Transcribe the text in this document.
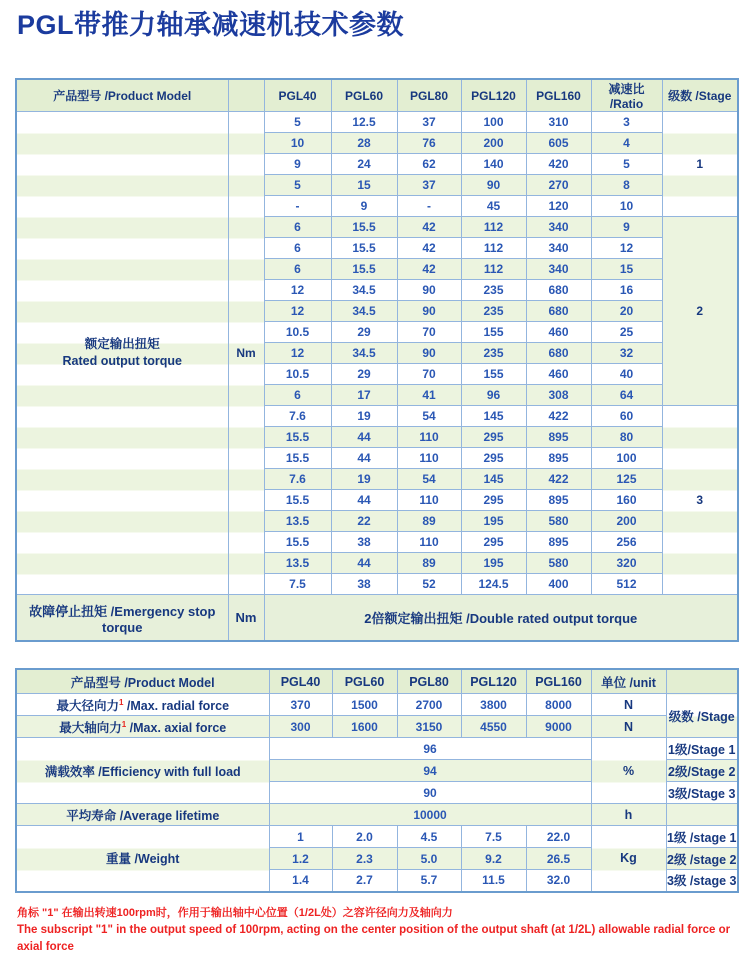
PGL带推力轴承减速机技术参数
产品型号 /Product Model		PGL40	PGL60	PGL80	PGL120	PGL160	减速比 /Ratio	级数 /Stage

额定输出扭矩
Rated output torque	Nm	5	12.5	37	100	310	3	1
		10	28	76	200	605	4	
		9	24	62	140	420	5	
		5	15	37	90	270	8	
		-	9	-	45	120	10	
		6	15.5	42	112	340	9	2
		6	15.5	42	112	340	12	
		6	15.5	42	112	340	15	
		12	34.5	90	235	680	16	
		12	34.5	90	235	680	20	
		10.5	29	70	155	460	25	
		12	34.5	90	235	680	32	
		10.5	29	70	155	460	40	
		6	17	41	96	308	64	
		7.6	19	54	145	422	60	3
		15.5	44	110	295	895	80	
		15.5	44	110	295	895	100	
		7.6	19	54	145	422	125	
		15.5	44	110	295	895	160	
		13.5	22	89	195	580	200	
		15.5	38	110	295	895	256	
		13.5	44	89	195	580	320	
		7.5	38	52	124.5	400	512	
故障停止扭矩 /Emergency stop torque	Nm	2倍额定输出扭矩 /Double rated output torque						
产品型号 /Product Model	PGL40	PGL60	PGL80	PGL120	PGL160	单位 /unit	
最大径向力$^1$ /Max. radial force	370	1500	2700	3800	8000	N	级数 /Stage
最大轴向力$^1$ /Max. axial force	300	1600	3150	4550	9000	N	
满载效率 /Efficiency with full load	96					%	1级/Stage 1
	94						2级/Stage 2
	90						3级/Stage 3
平均寿命 /Average lifetime	10000					h	
重量 /Weight	1	2.0	4.5	7.5	22.0	Kg	1级 /stage 1
	1.2	2.3	5.0	9.2	26.5		2级 /stage 2
	1.4	2.7	5.7	11.5	32.0		3级 /stage 3
角标 "1" 在输出转速100rpm时，作用于输出轴中心位置（1/2L处）之容许径向力及轴向力
The subscript "1" in the output speed of 100rpm, acting on the center position of the output shaft (at 1/2L) allowable radial force or axial force
